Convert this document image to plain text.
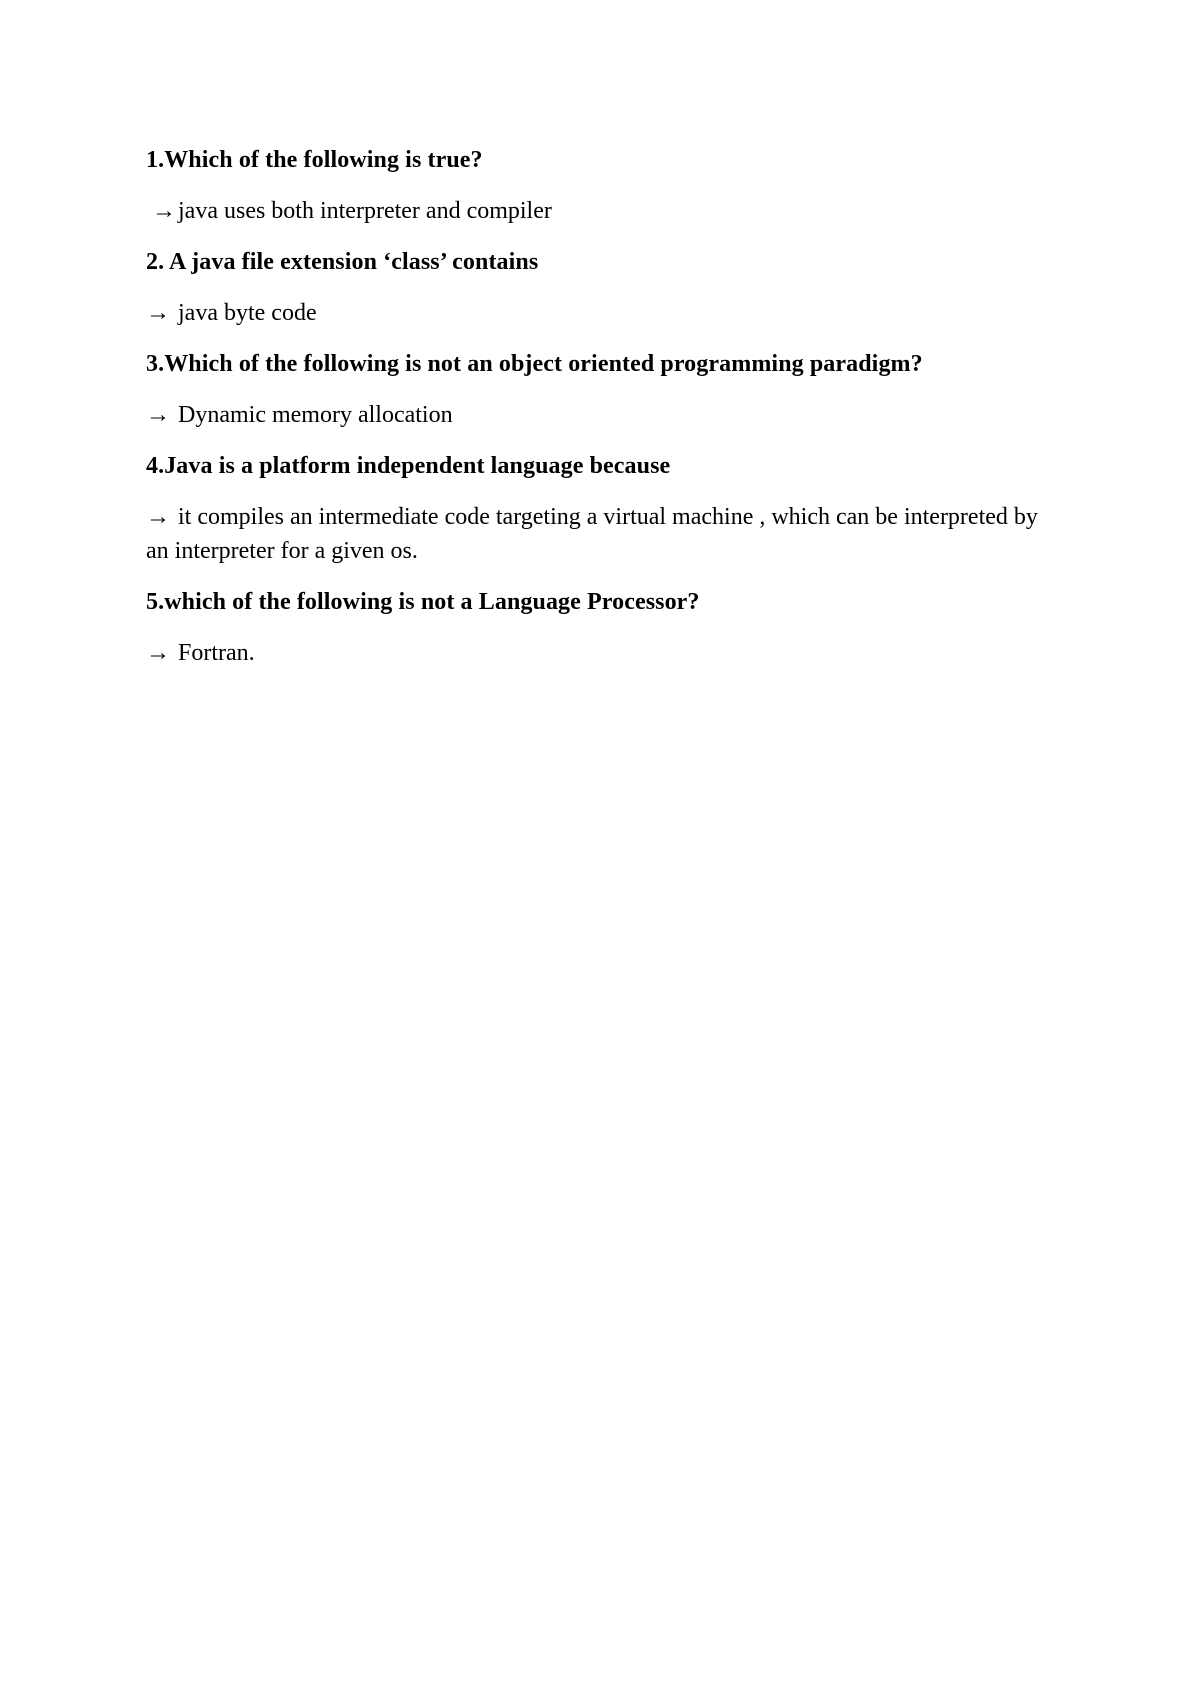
1.Which of the following is true?

→java uses both interpreter and compiler

2. A java file extension ‘class’ contains

→ java byte code

3.Which of the following is not an object oriented programming paradigm?

→ Dynamic memory allocation

4.Java is a platform independent language because

→ it compiles an intermediate code targeting a virtual machine , which can be interpreted by an interpreter for a given os.

5.which of the following is not a Language Processor?

→ Fortran.
